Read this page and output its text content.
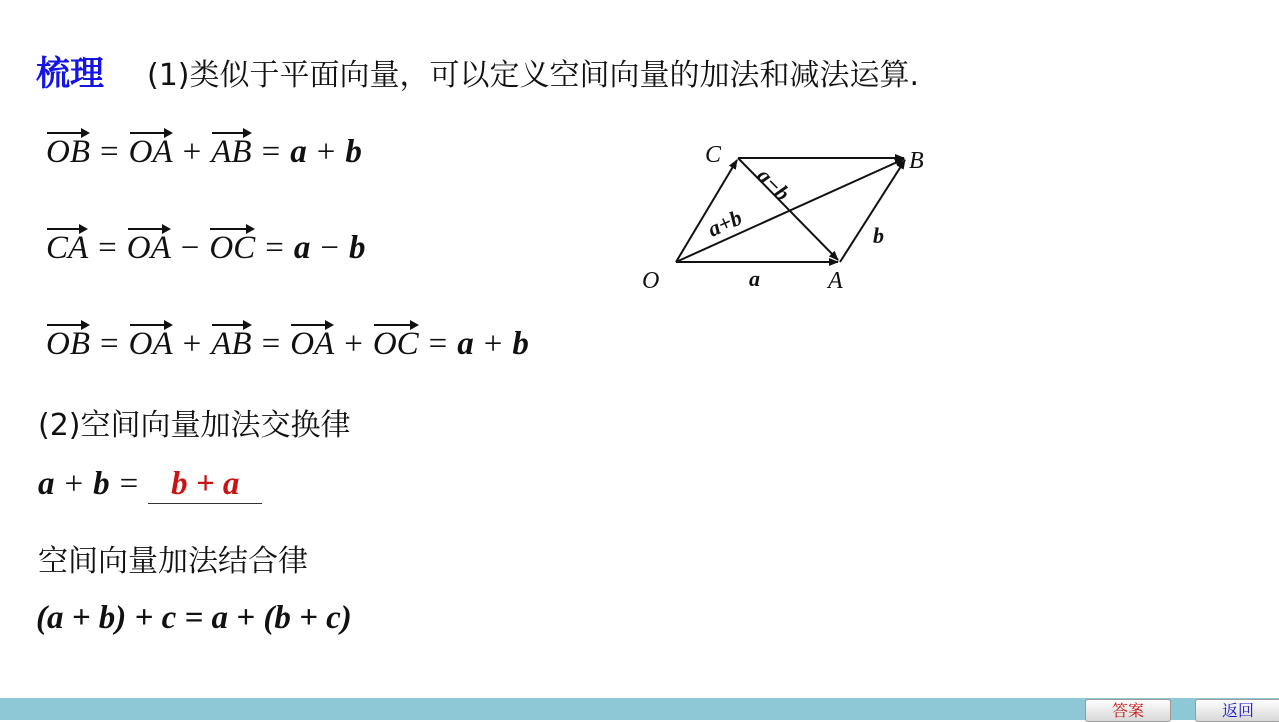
梳理 (1)类似于平面向量，可以定义空间向量的加法和减法运算.
OB = OA + AB = a + b
CA = OA − OC = a − b
OB = OA + AB = OA + OC = a + b
(2)空间向量加法交换律
a + b = b + a
空间向量加法结合律
(a + b) + c = a + (b + c)
O	A
B
C
a
b
a+b
a−b
答案	返回
